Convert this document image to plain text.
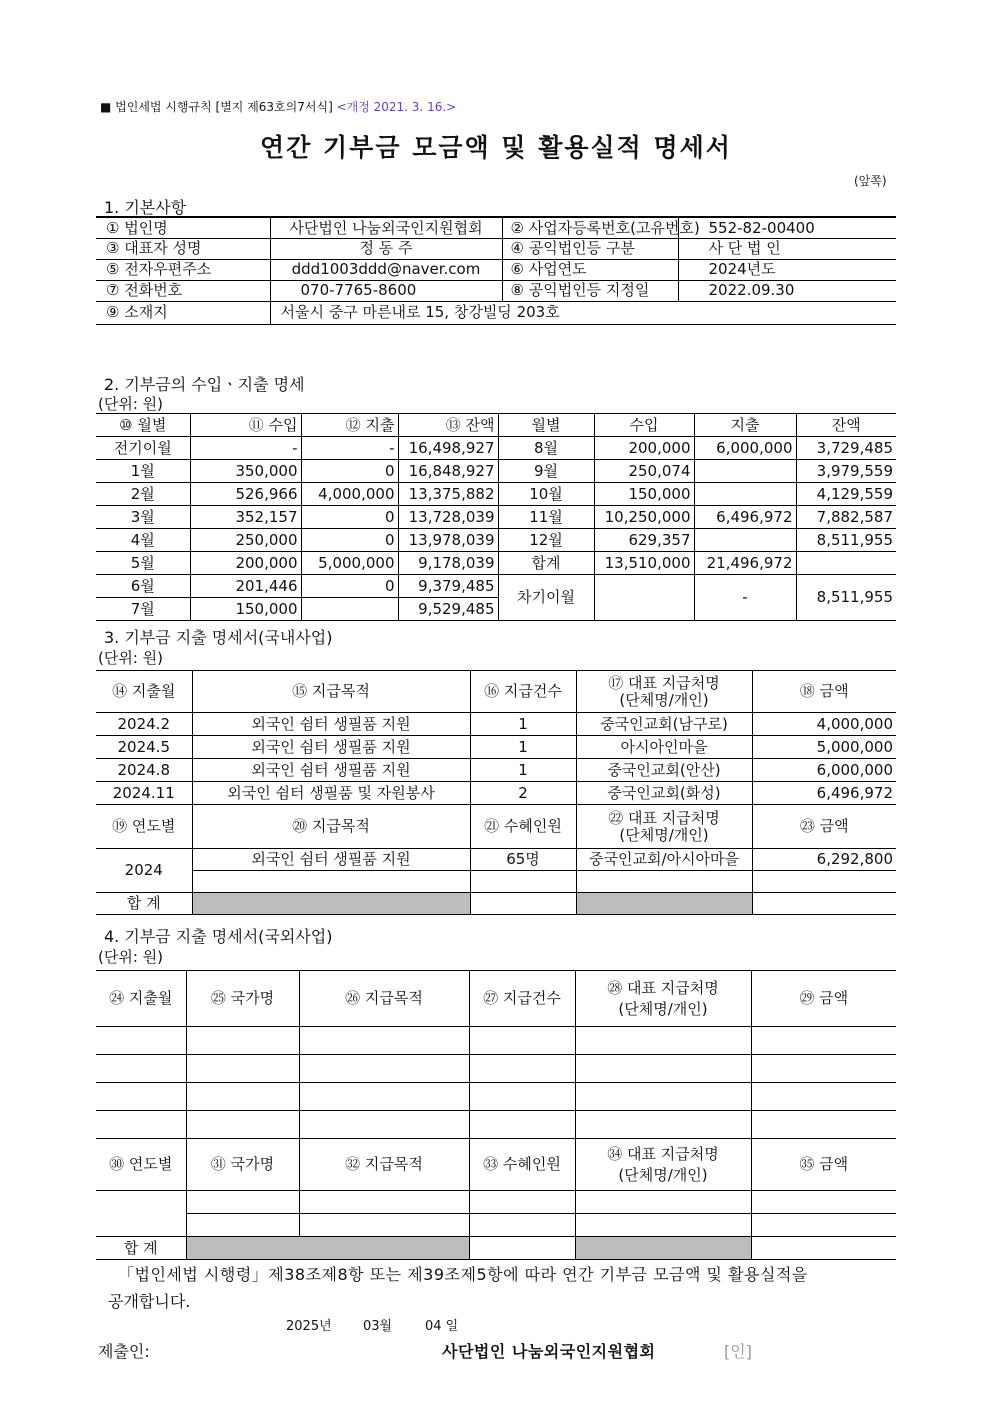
■ 법인세법 시행규칙 [별지 제63호의7서식] <개정 2021. 3. 16.>
연간 기부금 모금액 및 활용실적 명세서
(앞쪽)
1. 기본사항
① 법인명	사단법인 나눔외국인지원협회	② 사업자등록번호(고유번호)	552-82-00400
③ 대표자 성명	정 동 주	④ 공익법인등 구분	사 단 법 인
⑤ 전자우편주소	ddd1003ddd@naver.com	⑥ 사업연도	2024년도
⑦ 전화번호	070-7765-8600	⑧ 공익법인등 지정일	2022.09.30
⑨ 소재지	서울시 중구 마른내로 15, 창강빌딩 203호		
2. 기부금의 수입ㆍ지출 명세
(단위: 원)
⑩ 월별	⑪ 수입	⑫ 지출	⑬ 잔액	월별	수입	지출	잔액
전기이월	-	-	16,498,927	8월	200,000	6,000,000	3,729,485
1월	350,000	0	16,848,927	9월	250,074		3,979,559
2월	526,966	4,000,000	13,375,882	10월	150,000		4,129,559
3월	352,157	0	13,728,039	11월	10,250,000	6,496,972	7,882,587
4월	250,000	0	13,978,039	12월	629,357		8,511,955
5월	200,000	5,000,000	9,178,039	합계	13,510,000	21,496,972	
6월	201,446	0	9,379,485	차기이월		-	8,511,955
7월	150,000		9,529,485				
3. 기부금 지출 명세서(국내사업)
(단위: 원)
⑭ 지출월	⑮ 지급목적	⑯ 지급건수	⑰ 대표 지급처명
(단체명/개인)	⑱ 금액
2024.2	외국인 쉼터 생필품 지원	1	중국인교회(남구로)	4,000,000
2024.5	외국인 쉼터 생필품 지원	1	아시아인마을	5,000,000
2024.8	외국인 쉼터 생필품 지원	1	중국인교회(안산)	6,000,000
2024.11	외국인 쉼터 생필품 및 자원봉사	2	중국인교회(화성)	6,496,972
⑲ 연도별	⑳ 지급목적	㉑ 수혜인원	㉒ 대표 지급처명
(단체명/개인)	㉓ 금액
2024	외국인 쉼터 생필품 지원	65명	중국인교회/아시아마을	6,292,800

합 계				
4. 기부금 지출 명세서(국외사업)
(단위: 원)
㉔ 지출월	㉕ 국가명	㉖ 지급목적	㉗ 지급건수	㉘ 대표 지급처명
(단체명/개인)	㉙ 금액

㉚ 연도별	㉛ 국가명	㉜ 지급목적	㉝ 수혜인원	㉞ 대표 지급처명
(단체명/개인)	㉟ 금액

합 계					
「법인세법 시행령」제38조제8항 또는 제39조제5항에 따라 연간 기부금 모금액 및 활용실적을
공개합니다.
2025년 03월	04 일
제출인:	사단법인 나눔외국인지원협회	[인]
